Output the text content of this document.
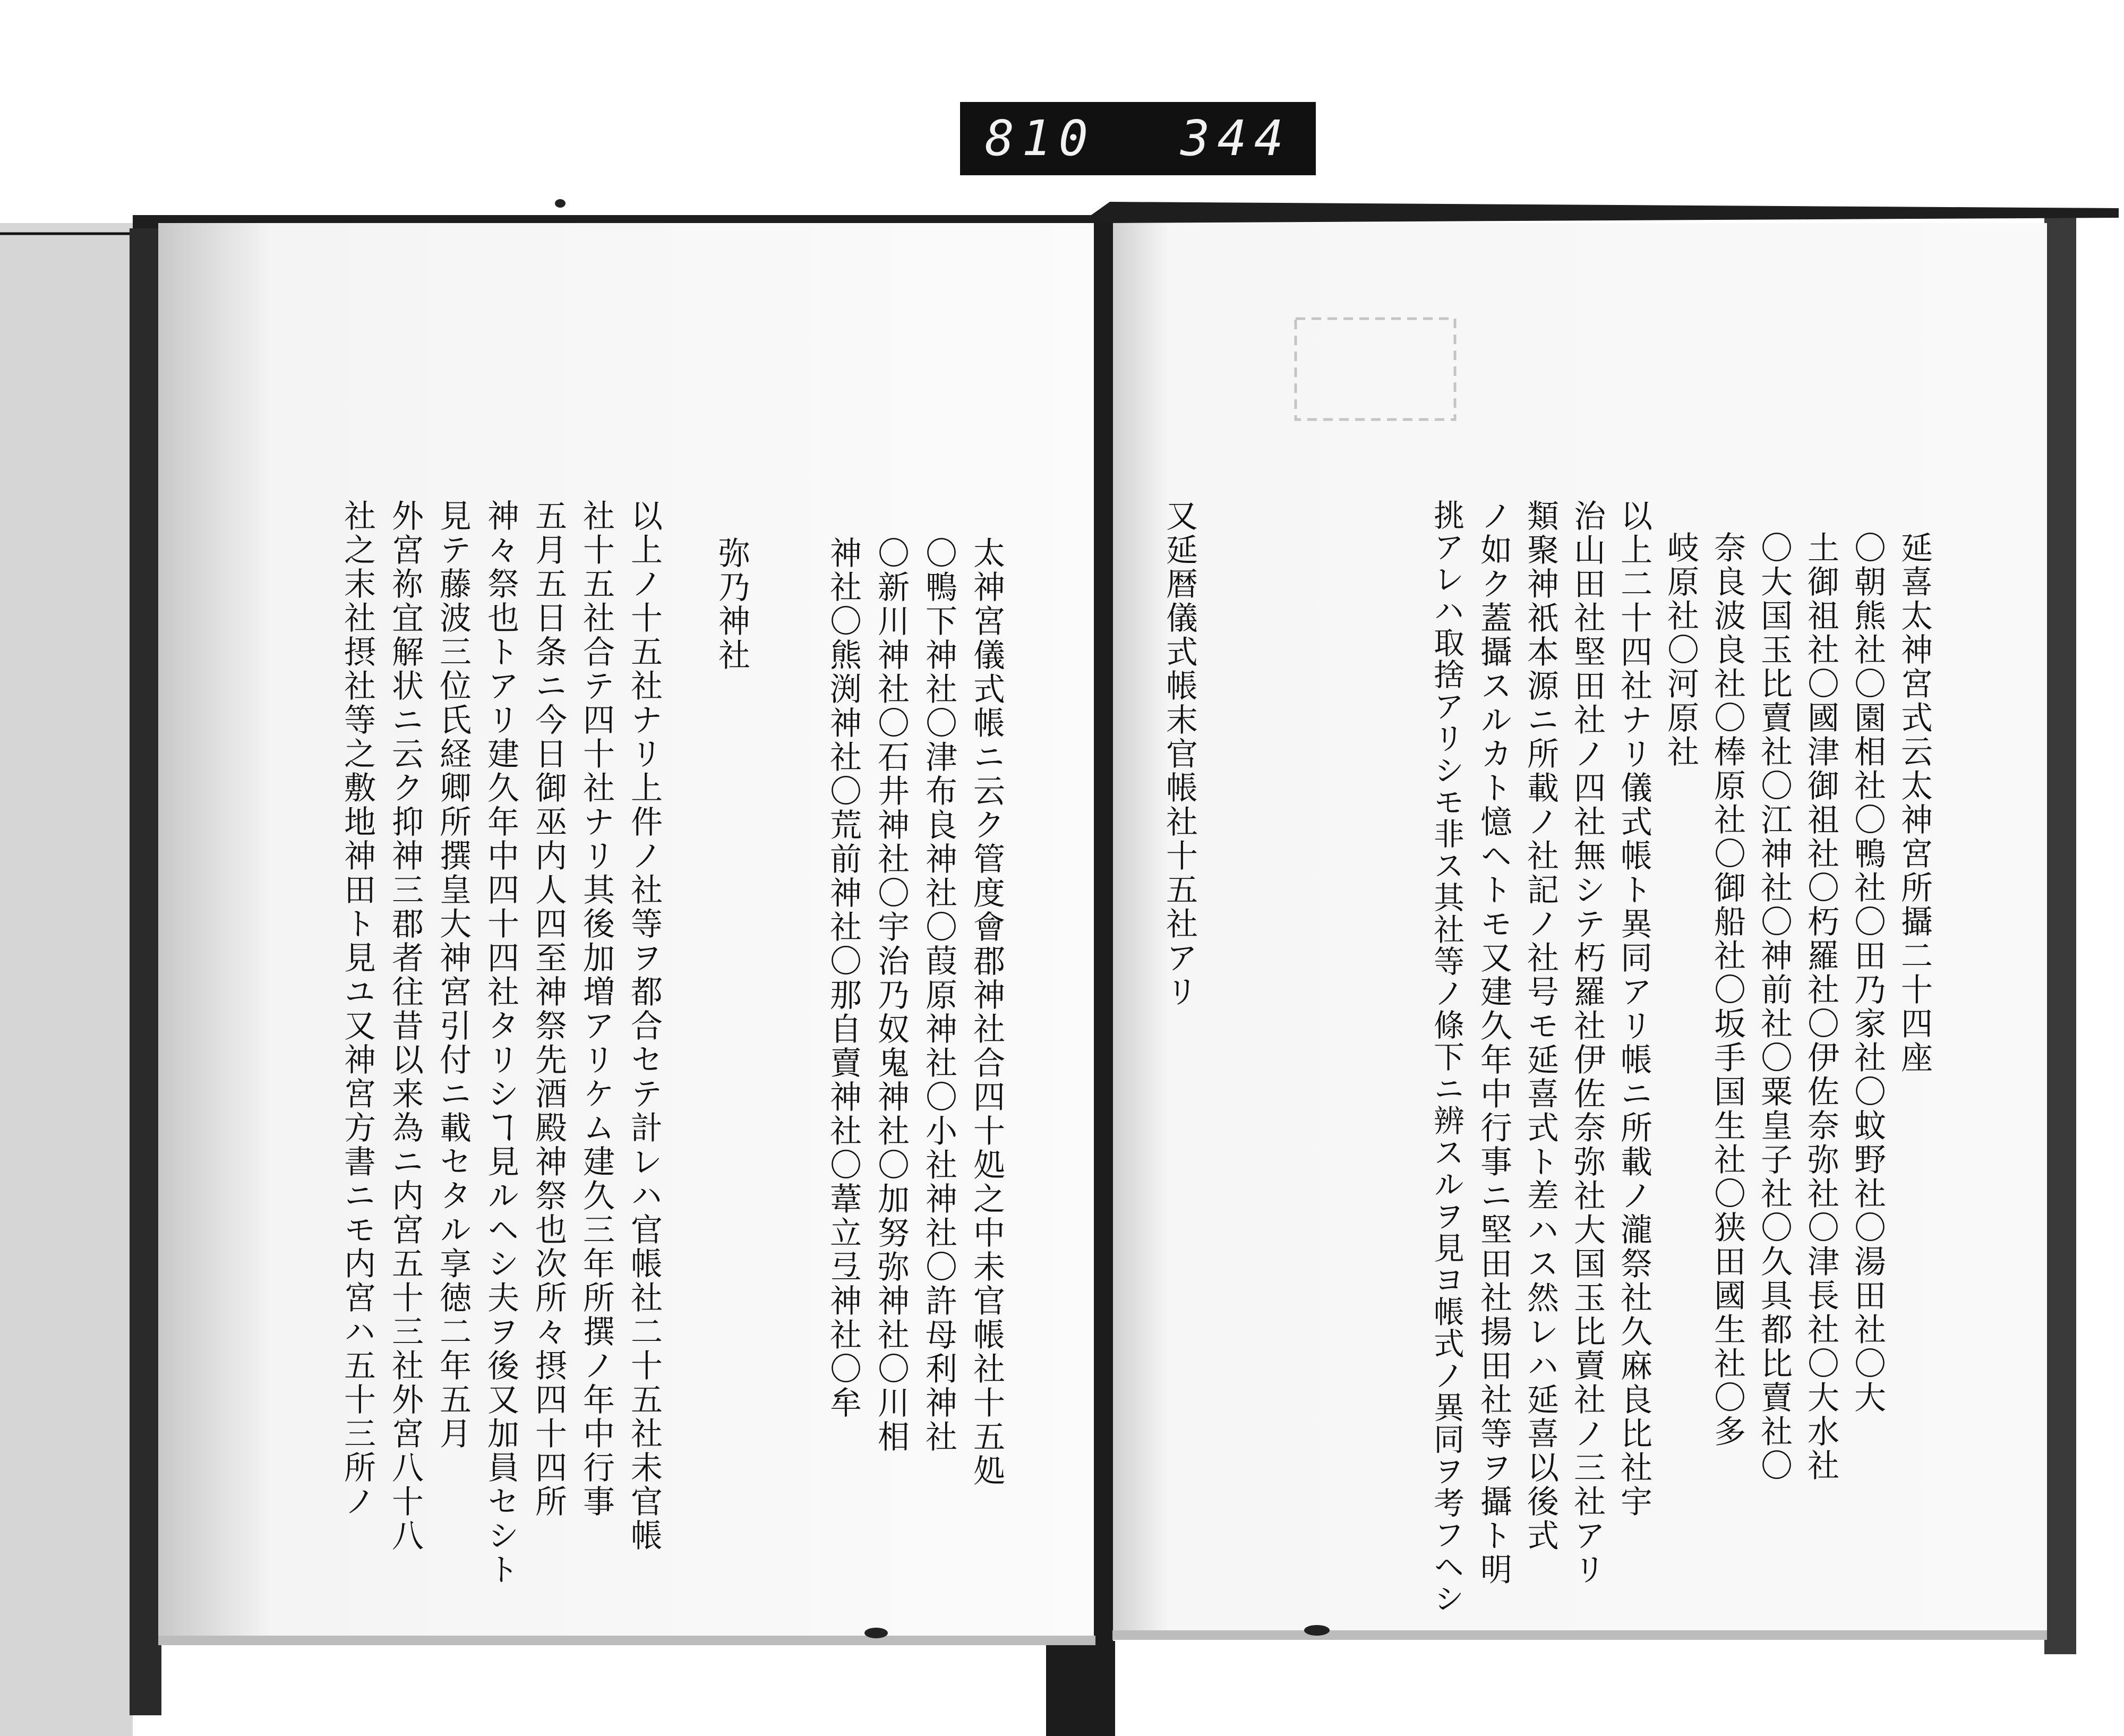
810 344
延喜太神宮式云太神宮所攝二十四座
〇朝熊社〇園相社〇鴨社〇田乃家社〇蚊野社〇湯田社〇大
土御祖社〇國津御祖社〇朽羅社〇伊佐奈弥社〇津長社〇大水社
〇大国玉比賣社〇江神社〇神前社〇粟皇子社〇久具都比賣社〇
奈良波良社〇棒原社〇御船社〇坂手国生社〇狭田國生社〇多
岐原社〇河原社
以上二十四社ナリ儀式帳ト異同アリ帳ニ所載ノ瀧祭社久麻良比社宇
治山田社堅田社ノ四社無シテ朽羅社伊佐奈弥社大国玉比賣社ノ三社アリ
類聚神祇本源ニ所載ノ社記ノ社号モ延喜式ト差ハス然レハ延喜以後式
ノ如ク蓋攝スルカト憶ヘトモ又建久年中行事ニ堅田社揚田社等ヲ攝ト明
挑アレハ取捨アリシモ非ス其社等ノ條下ニ辨スルヲ見ヨ帳式ノ異同ヲ考フヘシ
又延暦儀式帳末官帳社十五社アリ
太神宮儀式帳ニ云ク管度會郡神社合四十処之中未官帳社十五処
〇鴨下神社〇津布良神社〇葭原神社〇小社神社〇許母利神社
〇新川神社〇石井神社〇宇治乃奴鬼神社〇加努弥神社〇川相
神社〇熊渕神社〇荒前神社〇那自賣神社〇葦立弖神社〇牟
弥乃神社
以上ノ十五社ナリ上件ノ社等ヲ都合セテ計レハ官帳社二十五社未官帳
社十五社合テ四十社ナリ其後加増アリケム建久三年所撰ノ年中行事
五月五日条ニ今日御巫内人四至神祭先酒殿神祭也次所々摂四十四所
神々祭也トアリ建久年中四十四社タリシヿ見ルヘシ夫ヲ後又加員セシト
見テ藤波三位氏経卿所撰皇大神宮引付ニ載セタル享徳二年五月
外宮祢宜解状ニ云ク抑神三郡者往昔以来為ニ内宮五十三社外宮八十八
社之末社摂社等之敷地神田ト見ユ又神宮方書ニモ内宮ハ五十三所ノ
